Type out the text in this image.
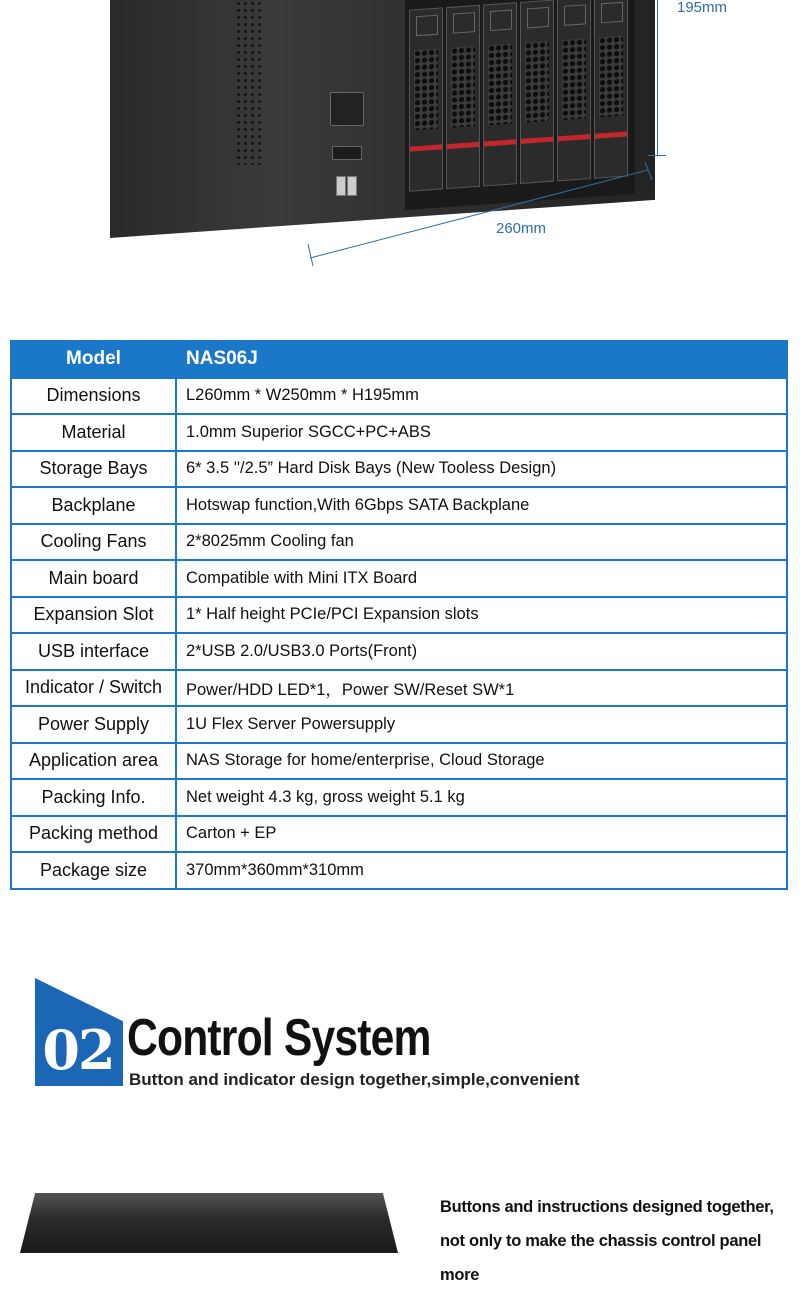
195mm
260mm
Model	NAS06J
Dimensions	L260mm * W250mm * H195mm
Material	1.0mm Superior SGCC+PC+ABS
Storage Bays	6* 3.5 ''/2.5” Hard Disk Bays (New Tooless Design)
Backplane	Hotswap function,With 6Gbps SATA Backplane
Cooling Fans	2*8025mm Cooling fan
Main board	Compatible with Mini ITX Board
Expansion Slot	1* Half height PCIe/PCI Expansion slots
USB interface	2*USB 2.0/USB3.0 Ports(Front)
Indicator / Switch	Power/HDD LED*1，Power SW/Reset SW*1
Power Supply	1U Flex Server Powersupply
Application area	NAS Storage for home/enterprise, Cloud Storage
Packing Info.	Net weight 4.3 kg, gross weight 5.1 kg
Packing method	Carton + EP
Package size	370mm*360mm*310mm
02 Control System
Button and indicator design together,simple,convenient
Buttons and instructions designed together,
not only to make the chassis control panel more
